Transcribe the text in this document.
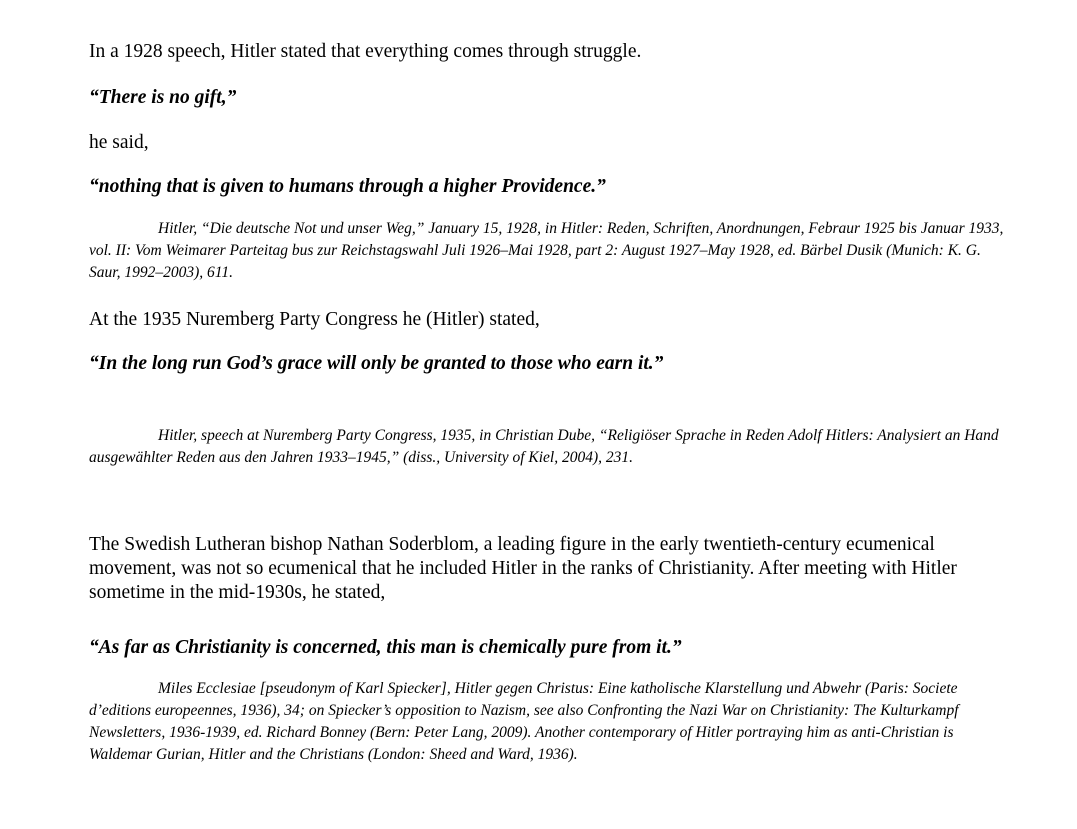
In a 1928 speech, Hitler stated that everything comes through struggle.

“There is no gift,”

he said,

“nothing that is given to humans through a higher Providence.”

Hitler, “Die deutsche Not und unser Weg,” January 15, 1928, in Hitler: Reden, Schriften, Anordnungen, Febraur 1925 bis Januar 1933, vol. II: Vom Weimarer Parteitag bus zur Reichstagswahl Juli 1926–Mai 1928, part 2: August 1927–May 1928, ed. Bärbel Dusik (Munich: K. G. Saur, 1992–2003), 611.

At the 1935 Nuremberg Party Congress he (Hitler) stated,

“In the long run God’s grace will only be granted to those who earn it.”

Hitler, speech at Nuremberg Party Congress, 1935, in Christian Dube, “Religiöser Sprache in Reden Adolf Hitlers: Analysiert an Hand ausgewählter Reden aus den Jahren 1933–1945,” (diss., University of Kiel, 2004), 231.

The Swedish Lutheran bishop Nathan Soderblom, a leading figure in the early twentieth-century ecumenical movement, was not so ecumenical that he included Hitler in the ranks of Christianity. After meeting with Hitler sometime in the mid-1930s, he stated,

“As far as Christianity is concerned, this man is chemically pure from it.”

Miles Ecclesiae [pseudonym of Karl Spiecker], Hitler gegen Christus: Eine katholische Klarstellung und Abwehr (Paris: Societe d’editions europeennes, 1936), 34; on Spiecker’s opposition to Nazism, see also Confronting the Nazi War on Christianity: The Kulturkampf Newsletters, 1936-1939, ed. Richard Bonney (Bern: Peter Lang, 2009). Another contemporary of Hitler portraying him as anti-Christian is Waldemar Gurian, Hitler and the Christians (London: Sheed and Ward, 1936).
